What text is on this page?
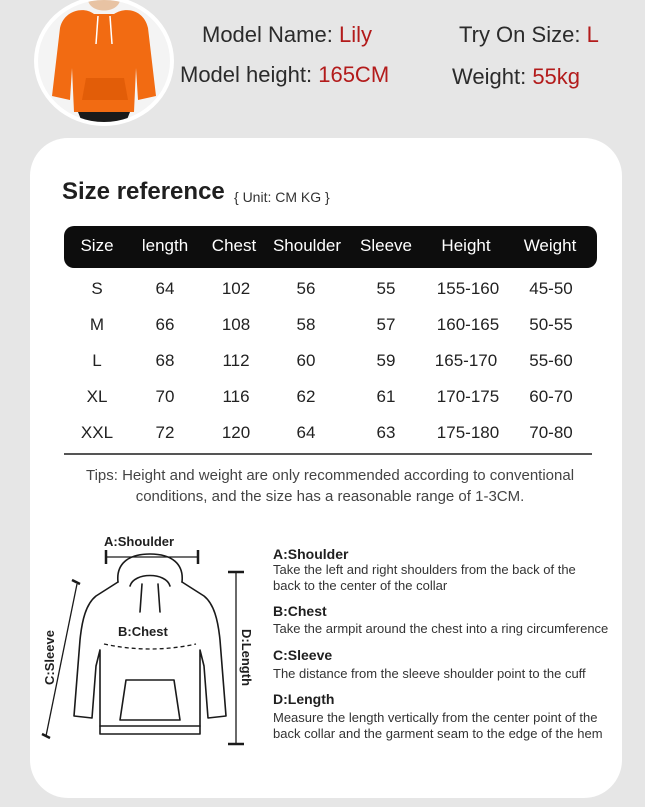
Model Name: Lily
Model height: 165CM
Try On Size: L
Weight: 55kg
Size reference { Unit: CM KG }
Size length Chest Shoulder Sleeve Height Weight
S	64	102	56	55 155-160 45-50
M	66	108	58	57 160-165 50-55
L	68	112	60	59 165-170 55-60
XL	70	116	62	61 170-175 60-70
XXL 72	120	64	63 175-180 70-80
Tips: Height and weight are only recommended according to conventional conditions, and the size has a reasonable range of 1-3CM.
A:Shoulder
B:Chest
C:Sleeve	D:Length
A:Shoulder
Take the left and right shoulders from the back of the back to the center of the collar
B:Chest
Take the armpit around the chest into a ring circumference
C:Sleeve
The distance from the sleeve shoulder point to the cuff
D:Length
Measure the length vertically from the center point of the back collar and the garment seam to the edge of the hem
